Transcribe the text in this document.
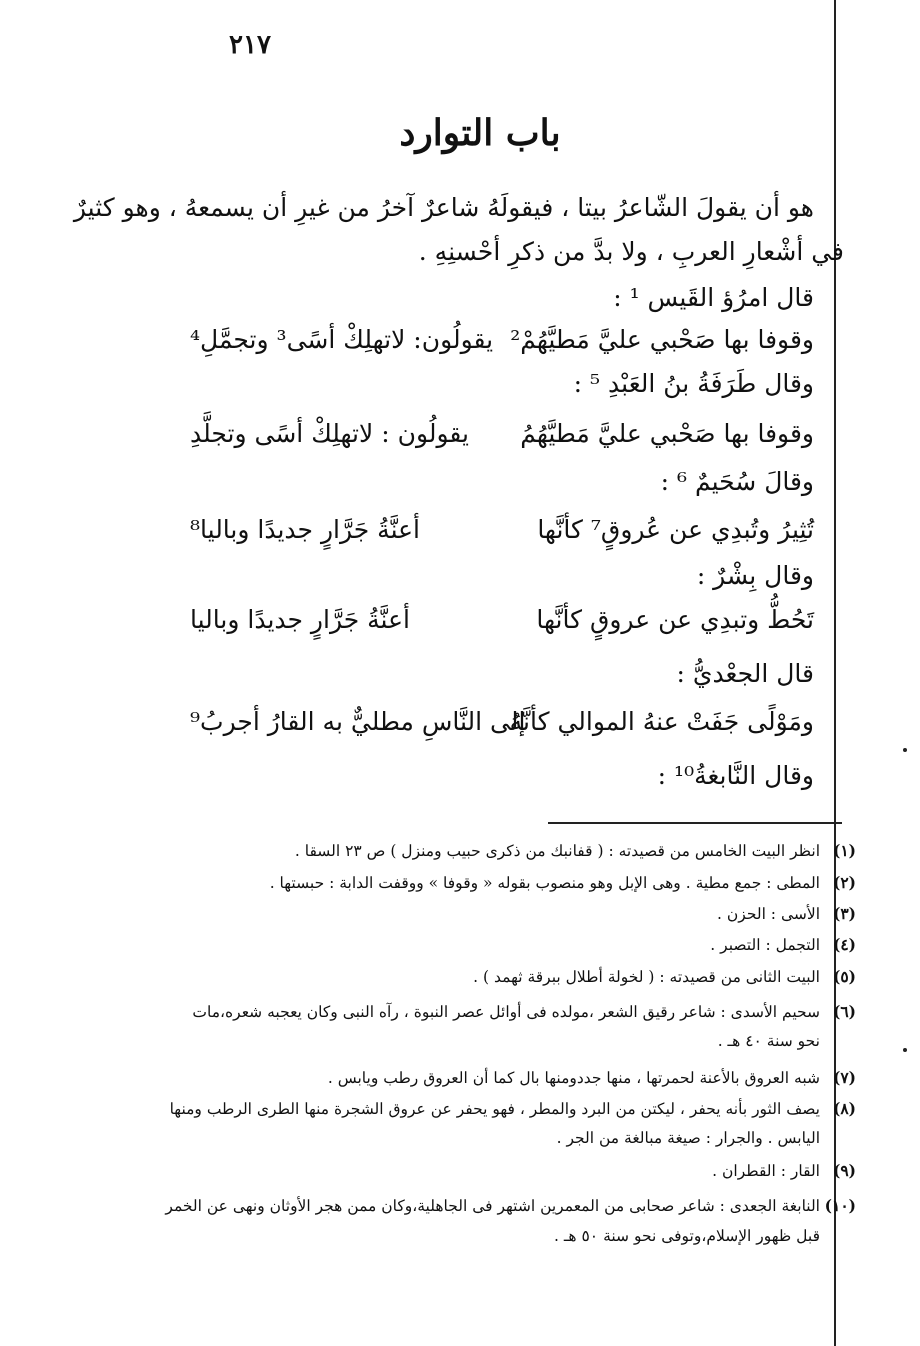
٢١٧
باب التوارد
هو أن يقولَ الشّاعرُ بيتا ، فيقولَهُ شاعرٌ آخرُ من غيرِ أن يسمعهُ ، وهو كثيرٌ
في أشْعارِ العربِ ، ولا بدَّ من ذكرِ أحْسنِهِ .
قال امرُؤ القَيس ¹ :
وقوفا بها صَحْبي عليَّ مَطيَّهُمْ²
يقولُون: لاتهلِكْ أسًى³ وتجمَّلِ⁴
وقال طَرَفَةُ بنُ العَبْدِ ⁵ :
وقوفا بها صَحْبي عليَّ مَطيَّهُمُ
يقولُون : لاتهلِكْ أسًى وتجلَّدِ
وقالَ سُحَيمٌ ⁶ :
تُثِيرُ وتُبدِي عن عُروقٍ⁷ كأنَّها
أعنَّةُ جَرَّارٍ جديدًا وباليا⁸
وقال بِشْرٌ :
تَحُطُّ وتبدِي عن عروقٍ كأنَّها
أعنَّةُ جَرَّارٍ جديدًا وباليا
قال الجعْديُّ :
ومَوْلًى جَفَتْ عنهُ الموالي كأنَّهُ
إلى النَّاسِ مطليٌّ به القارُ أجربُ⁹
وقال النَّابغةُ¹⁰ :
(١)انظر البيت الخامس من قصيدته : ( قفانبك من ذكرى حبيب ومنزل ) ص ٢٣ السقا .
(٢)المطى : جمع مطية . وهى الإبل وهو منصوب بقوله « وقوفا » ووقفت الدابة : حبستها .
(٣)الأسى : الحزن .
(٤)التجمل : التصبر .
(٥)البيت الثانى من قصيدته : ( لخولة أطلال ببرقة ثهمد ) .
(٦)سحيم الأسدى : شاعر رقيق الشعر ،مولده فى أوائل عصر النبوة ، رآه النبى وكان يعجبه شعره،مات
نحو سنة ٤٠ هـ .
(٧)شبه العروق بالأعنة لحمرتها ، منها جددومنها بال كما أن العروق رطب ويابس .
(٨)يصف الثور بأنه يحفر ، ليكتن من البرد والمطر ، فهو يحفر عن عروق الشجرة منها الطرى الرطب ومنها
اليابس . والجرار : صيغة مبالغة من الجر .
(٩)القار : القطران .
(١٠)النابغة الجعدى : شاعر صحابى من المعمرين اشتهر فى الجاهلية،وكان ممن هجر الأوثان ونهى عن الخمر
قبل ظهور الإسلام،وتوفى نحو سنة ٥٠ هـ .
